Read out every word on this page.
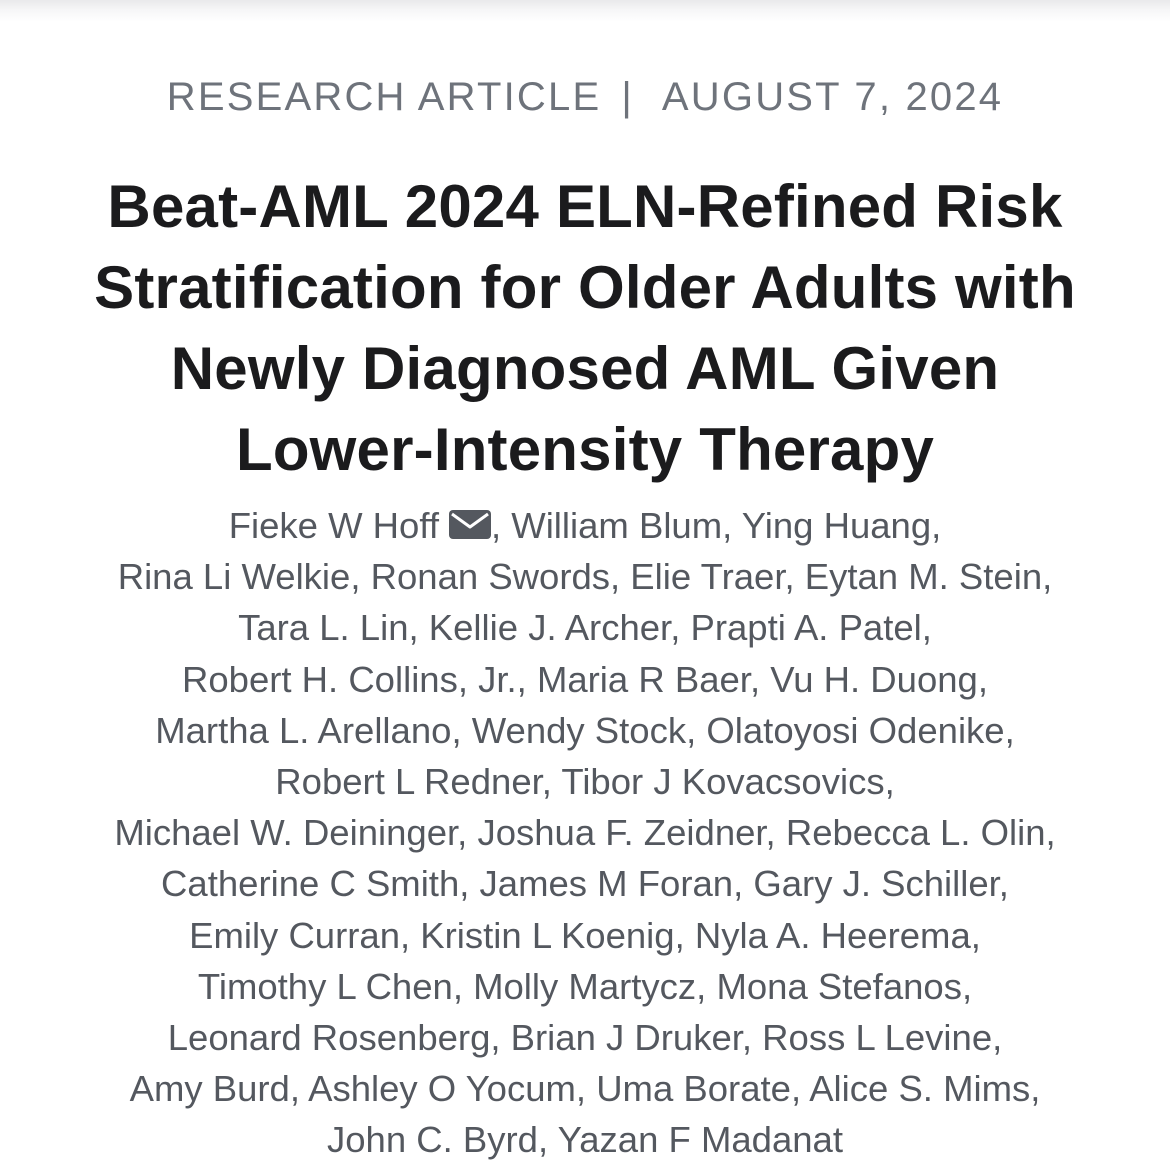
RESEARCH ARTICLE | AUGUST 7, 2024
Beat-AML 2024 ELN-Refined Risk
Stratification for Older Adults with
Newly Diagnosed AML Given
Lower-Intensity Therapy
Fieke W Hoff , William Blum, Ying Huang,
Rina Li Welkie, Ronan Swords, Elie Traer, Eytan M. Stein,
Tara L. Lin, Kellie J. Archer, Prapti A. Patel,
Robert H. Collins, Jr., Maria R Baer, Vu H. Duong,
Martha L. Arellano, Wendy Stock, Olatoyosi Odenike,
Robert L Redner, Tibor J Kovacsovics,
Michael W. Deininger, Joshua F. Zeidner, Rebecca L. Olin,
Catherine C Smith, James M Foran, Gary J. Schiller,
Emily Curran, Kristin L Koenig, Nyla A. Heerema,
Timothy L Chen, Molly Martycz, Mona Stefanos,
Leonard Rosenberg, Brian J Druker, Ross L Levine,
Amy Burd, Ashley O Yocum, Uma Borate, Alice S. Mims,
John C. Byrd, Yazan F Madanat
